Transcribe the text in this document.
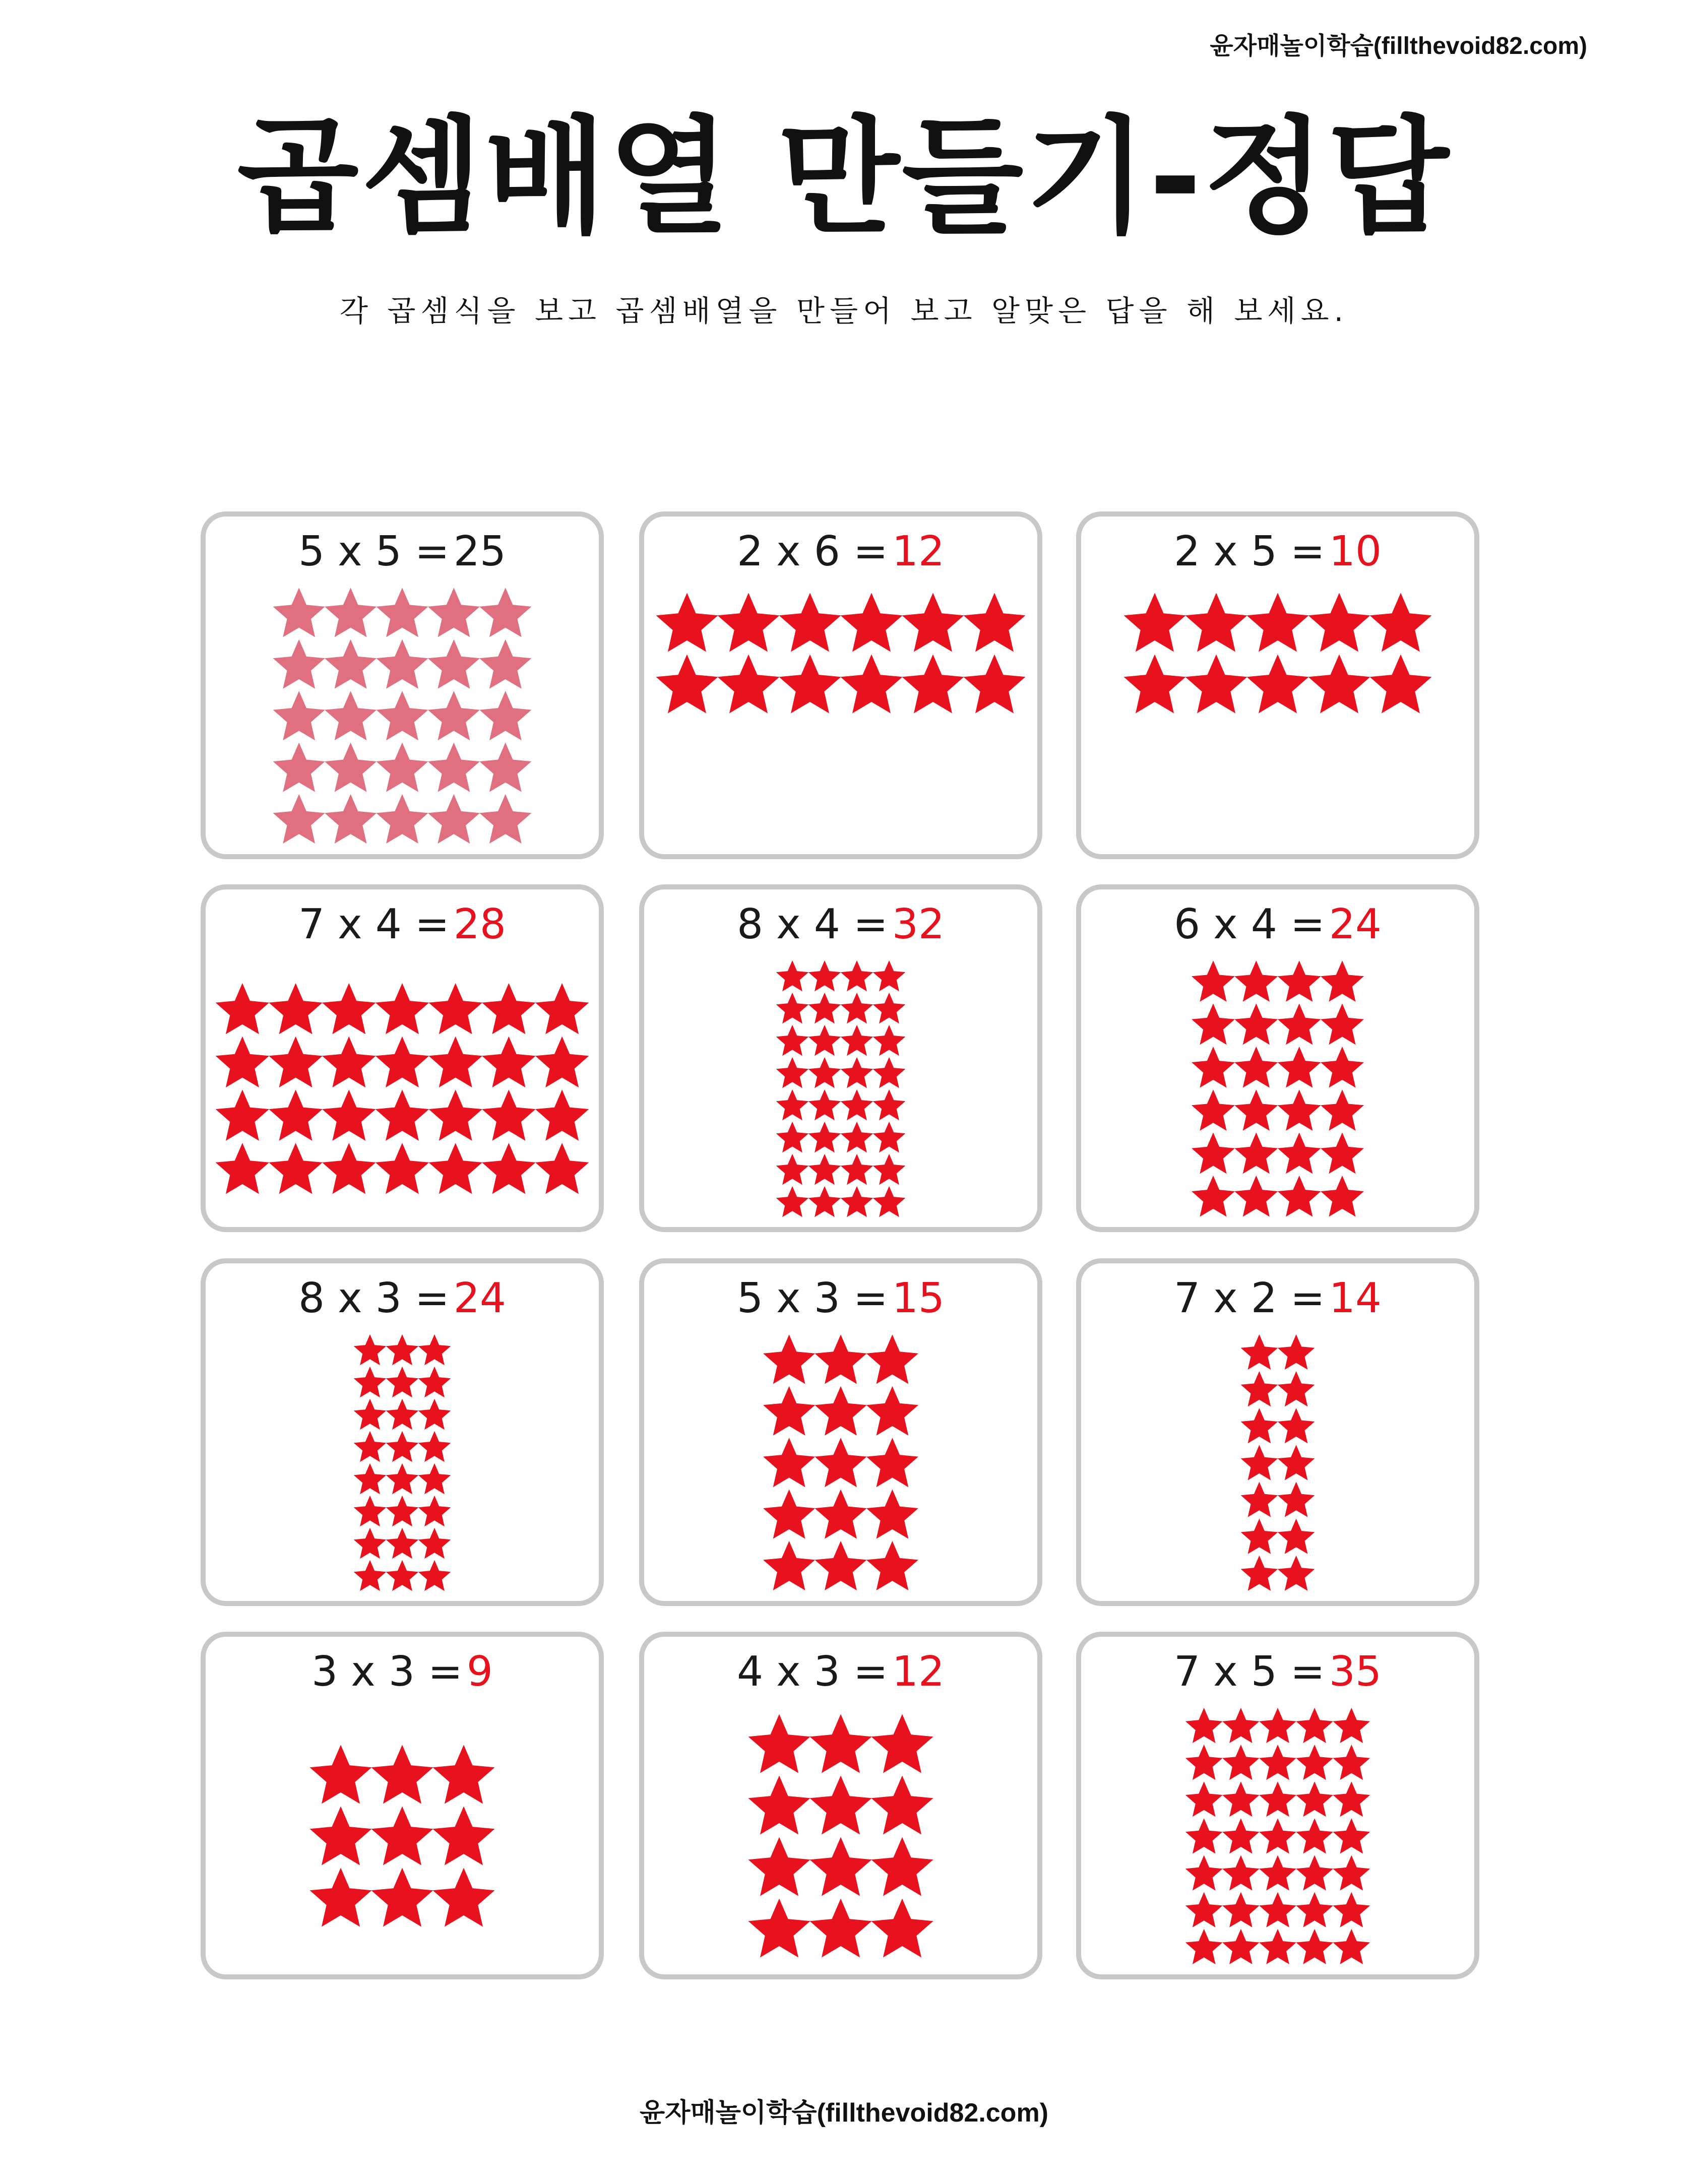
윤자매놀이학습(fillthevoid82.com)
곱셈배열 만들기-정답
각 곱셈식을 보고 곱셈배열을 만들어 보고 알맞은 답을 해 보세요.
5 x 5 =25	2 x 6 =12	2 x 5 =10
7 x 4 =28	8 x 4 =32	6 x 4 =24
8 x 3 =24	5 x 3 =15	7 x 2 =14
3 x 3 =9	4 x 3 =12	7 x 5 =35
윤자매놀이학습(fillthevoid82.com)
